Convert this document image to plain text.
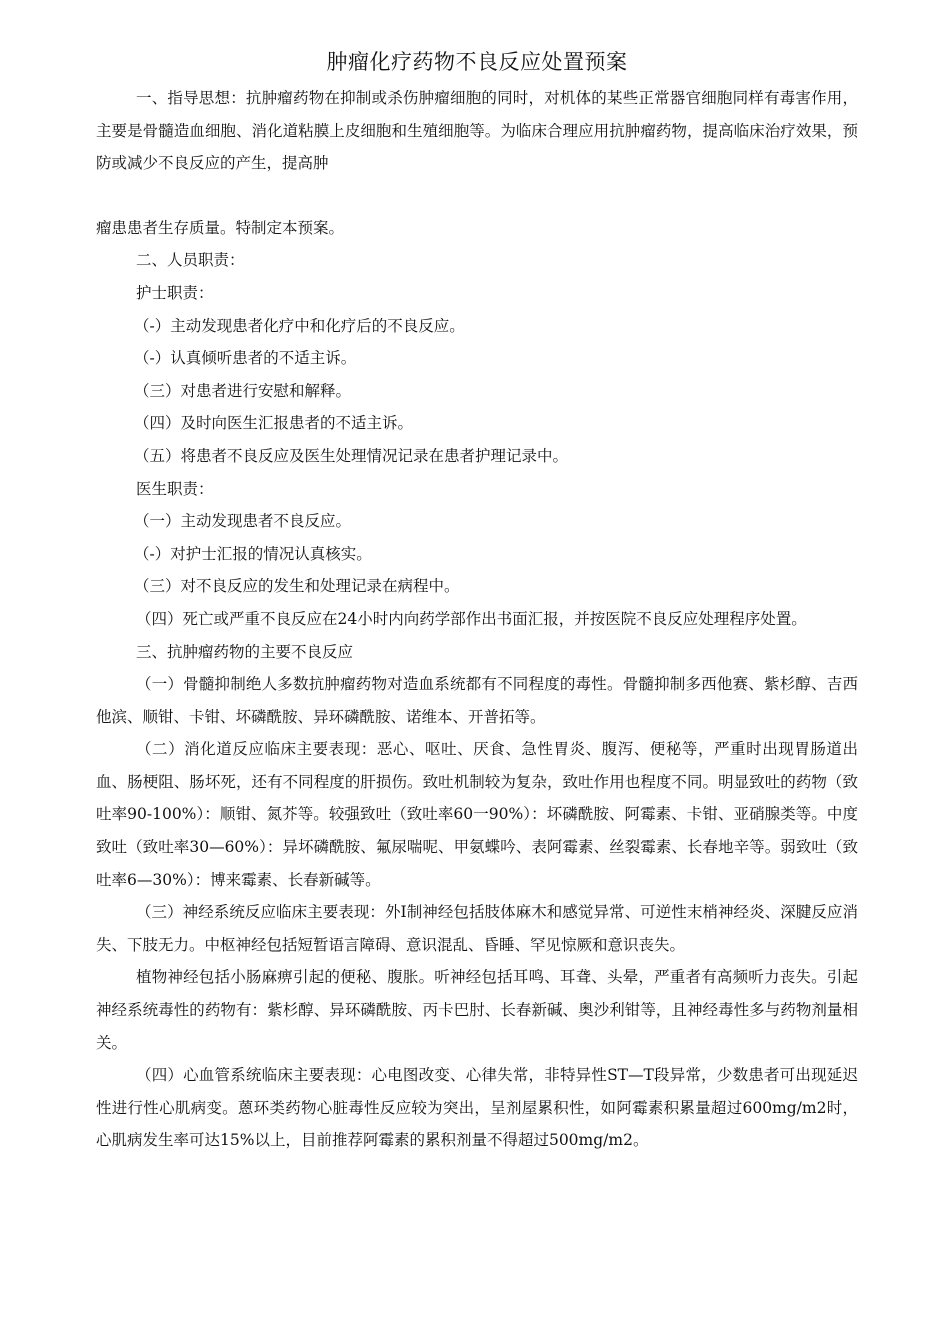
肿瘤化疗药物不良反应处置预案

一、指导思想：抗肿瘤药物在抑制或杀伤肿瘤细胞的同时，对机体的某些正常器官细胞同样有毒害作用，主要是骨髓造血细胞、消化道粘膜上皮细胞和生殖细胞等。为临床合理应用抗肿瘤药物，提高临床治疗效果，预防或减少不良反应的产生，提高肿

瘤患患者生存质量。特制定本预案。

二、人员职责：

护士职责：

（-）主动发现患者化疗中和化疗后的不良反应。

（-）认真倾听患者的不适主诉。

（三）对患者进行安慰和解释。

（四）及时向医生汇报患者的不适主诉。

（五）将患者不良反应及医生处理情况记录在患者护理记录中。

医生职责：

（一）主动发现患者不良反应。

（-）对护士汇报的情况认真核实。

（三）对不良反应的发生和处理记录在病程中。

（四）死亡或严重不良反应在24小时内向药学部作出书面汇报，并按医院不良反应处理程序处置。

三、抗肿瘤药物的主要不良反应

（一）骨髓抑制绝人多数抗肿瘤药物对造血系统都有不同程度的毒性。骨髓抑制多西他赛、紫杉醇、吉西他滨、顺钳、卡钳、坏磷酰胺、异环磷酰胺、诺维本、开普拓等。

（二）消化道反应临床主要表现：恶心、呕吐、厌食、急性胃炎、腹泻、便秘等，严重时出现胃肠道出血、肠梗阻、肠坏死，还有不同程度的肝损伤。致吐机制较为复杂，致吐作用也程度不同。明显致吐的药物（致吐率90-100%）：顺钳、氮芥等。较强致吐（致吐率60一90%）：坏磷酰胺、阿霉素、卡钳、亚硝腺类等。中度致吐（致吐率30—60%）：异坏磷酰胺、氟尿喘呢、甲氨蝶吟、表阿霉素、丝裂霉素、长春地辛等。弱致吐（致吐率6—30%）：博来霉素、长春新碱等。

（三）神经系统反应临床主要表现：外I制神经包括肢体麻木和感觉异常、可逆性末梢神经炎、深腱反应消失、下肢无力。中枢神经包括短暂语言障碍、意识混乱、昏睡、罕见惊厥和意识丧失。

植物神经包括小肠麻痹引起的便秘、腹胀。听神经包括耳鸣、耳聋、头晕，严重者有高频听力丧失。引起神经系统毒性的药物有：紫杉醇、异环磷酰胺、丙卡巴肘、长春新碱、奥沙利钳等，且神经毒性多与药物剂量相关。

（四）心血管系统临床主要表现：心电图改变、心律失常，非特异性ST—T段异常，少数患者可出现延迟性进行性心肌病变。蒽环类药物心脏毒性反应较为突出，呈剂屋累积性，如阿霉素积累量超过600mg/m2时，心肌病发生率可达15%以上，目前推荐阿霉素的累积剂量不得超过500mg/m2。
